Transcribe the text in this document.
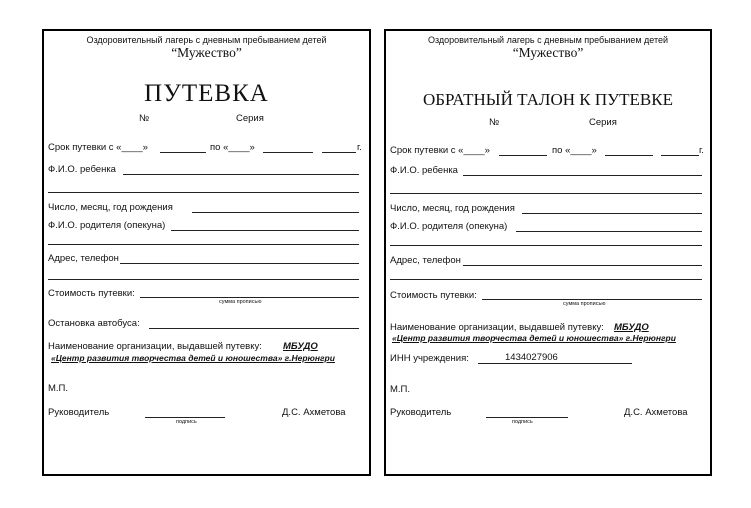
Оздоровительный лагерь с дневным пребыванием детей
“Мужество”
ПУТЕВКА
№	Серия
Срок путевки с «____»	по «____»	г.
Ф.И.О. ребенка
Число, месяц, год рождения
Ф.И.О. родителя (опекуна)
Адрес, телефон
Стоимость путевки:
сумма прописью
Остановка автобуса:
Наименование организации, выдавшей путевку: МБУДО
«Центр развития творчества детей и юношества» г.Нерюнгри
М.П.
Руководитель
подпись
Д.С. Ахметова
Оздоровительный лагерь с дневным пребыванием детей
“Мужество”
ОБРАТНЫЙ ТАЛОН К ПУТЕВКЕ
№	Серия
Срок путевки с «____»	по «____»	г.
Ф.И.О. ребенка
Число, месяц, год рождения
Ф.И.О. родителя (опекуна)
Адрес, телефон
Стоимость путевки:
сумма прописью
Наименование организации, выдавшей путевку: МБУДО
«Центр развития творчества детей и юношества» г.Нерюнгри
ИНН учреждения:	1434027906
М.П.
Руководитель
подпись
Д.С. Ахметова
